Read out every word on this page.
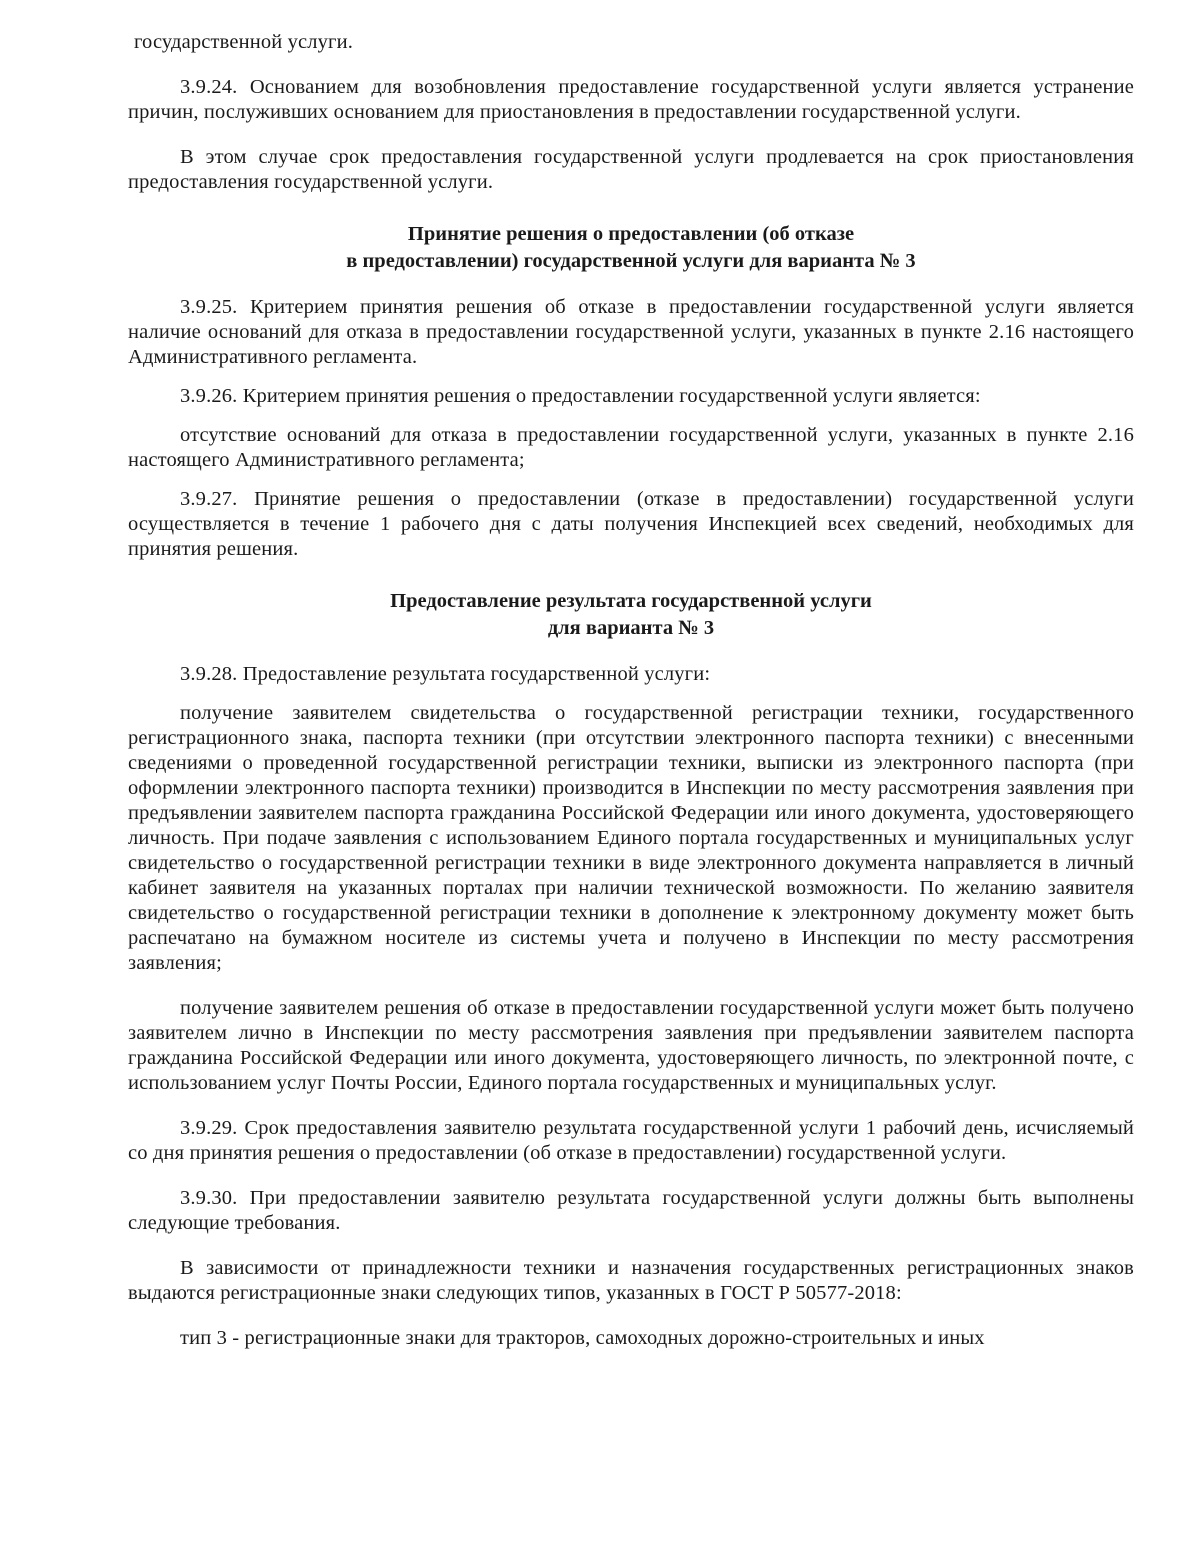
государственной услуги.

3.9.24. Основанием для возобновления предоставление государственной услуги является устранение причин, послуживших основанием для приостановления в предоставлении государственной услуги.

В этом случае срок предоставления государственной услуги продлевается на срок приостановления предоставления государственной услуги.

Принятие решения о предоставлении (об отказе
в предоставлении) государственной услуги для варианта № 3

3.9.25. Критерием принятия решения об отказе в предоставлении государственной услуги является наличие оснований для отказа в предоставлении государственной услуги, указанных в пункте 2.16 настоящего Административного регламента.

3.9.26. Критерием принятия решения о предоставлении государственной услуги является:

отсутствие оснований для отказа в предоставлении государственной услуги, указанных в пункте 2.16 настоящего Административного регламента;

3.9.27. Принятие решения о предоставлении (отказе в предоставлении) государственной услуги осуществляется в течение 1 рабочего дня с даты получения Инспекцией всех сведений, необходимых для принятия решения.

Предоставление результата государственной услуги
для варианта № 3

3.9.28. Предоставление результата государственной услуги:

получение заявителем свидетельства о государственной регистрации техники, государственного регистрационного знака, паспорта техники (при отсутствии электронного паспорта техники) с внесенными сведениями о проведенной государственной регистрации техники, выписки из электронного паспорта (при оформлении электронного паспорта техники) производится в Инспекции по месту рассмотрения заявления при предъявлении заявителем паспорта гражданина Российской Федерации или иного документа, удостоверяющего личность. При подаче заявления с использованием Единого портала государственных и муниципальных услуг свидетельство о государственной регистрации техники в виде электронного документа направляется в личный кабинет заявителя на указанных порталах при наличии технической возможности. По желанию заявителя свидетельство о государственной регистрации техники в дополнение к электронному документу может быть распечатано на бумажном носителе из системы учета и получено в Инспекции по месту рассмотрения заявления;

получение заявителем решения об отказе в предоставлении государственной услуги может быть получено заявителем лично в Инспекции по месту рассмотрения заявления при предъявлении заявителем паспорта гражданина Российской Федерации или иного документа, удостоверяющего личность, по электронной почте, с использованием услуг Почты России, Единого портала государственных и муниципальных услуг.

3.9.29. Срок предоставления заявителю результата государственной услуги 1 рабочий день, исчисляемый со дня принятия решения о предоставлении (об отказе в предоставлении) государственной услуги.

3.9.30. При предоставлении заявителю результата государственной услуги должны быть выполнены следующие требования.

В зависимости от принадлежности техники и назначения государственных регистрационных знаков выдаются регистрационные знаки следующих типов, указанных в ГОСТ Р 50577-2018:

тип 3 - регистрационные знаки для тракторов, самоходных дорожно-строительных и иных
